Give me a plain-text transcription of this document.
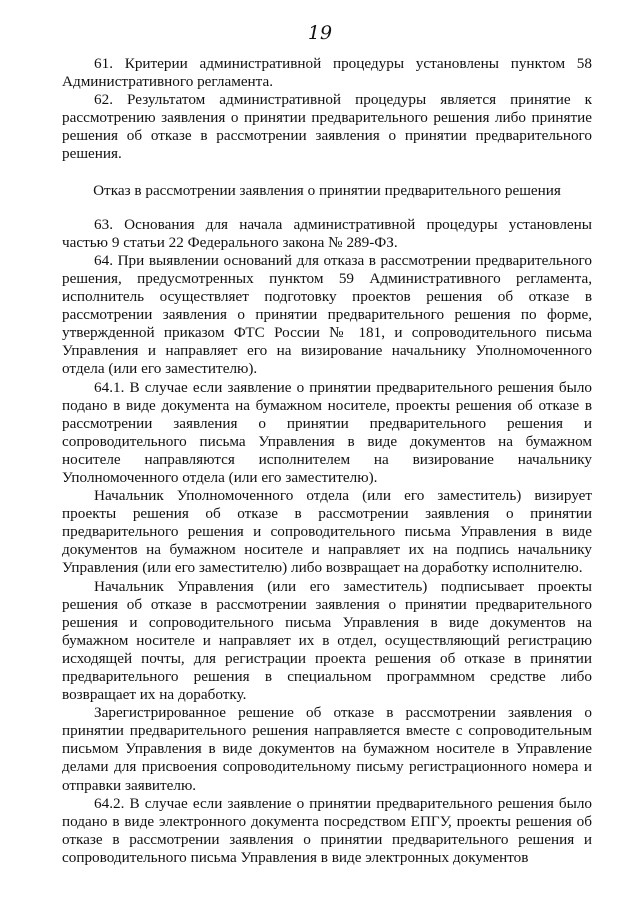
19

61. Критерии административной процедуры установлены пунктом 58 Административного регламента.

62. Результатом административной процедуры является принятие к рассмотрению заявления о принятии предварительного решения либо принятие решения об отказе в рассмотрении заявления о принятии предварительного решения.

Отказ в рассмотрении заявления о принятии предварительного решения

63. Основания для начала административной процедуры установлены частью 9 статьи 22 Федерального закона № 289-ФЗ.

64. При выявлении оснований для отказа в рассмотрении предварительного решения, предусмотренных пунктом 59 Административного регламента, исполнитель осуществляет подготовку проектов решения об отказе в рассмотрении заявления о принятии предварительного решения по форме, утвержденной приказом ФТС России № 181, и сопроводительного письма Управления и направляет его на визирование начальнику Уполномоченного отдела (или его заместителю).

64.1. В случае если заявление о принятии предварительного решения было подано в виде документа на бумажном носителе, проекты решения об отказе в рассмотрении заявления о принятии предварительного решения и сопроводительного письма Управления в виде документов на бумажном носителе направляются исполнителем на визирование начальнику Уполномоченного отдела (или его заместителю).

Начальник Уполномоченного отдела (или его заместитель) визирует проекты решения об отказе в рассмотрении заявления о принятии предварительного решения и сопроводительного письма Управления в виде документов на бумажном носителе и направляет их на подпись начальнику Управления (или его заместителю) либо возвращает на доработку исполнителю.

Начальник Управления (или его заместитель) подписывает проекты решения об отказе в рассмотрении заявления о принятии предварительного решения и сопроводительного письма Управления в виде документов на бумажном носителе и направляет их в отдел, осуществляющий регистрацию исходящей почты, для регистрации проекта решения об отказе в принятии предварительного решения в специальном программном средстве либо возвращает их на доработку.

Зарегистрированное решение об отказе в рассмотрении заявления о принятии предварительного решения направляется вместе с сопроводительным письмом Управления в виде документов на бумажном носителе в Управление делами для присвоения сопроводительному письму регистрационного номера и отправки заявителю.

64.2. В случае если заявление о принятии предварительного решения было подано в виде электронного документа посредством ЕПГУ, проекты решения об отказе в рассмотрении заявления о принятии предварительного решения и сопроводительного письма Управления в виде электронных документов
